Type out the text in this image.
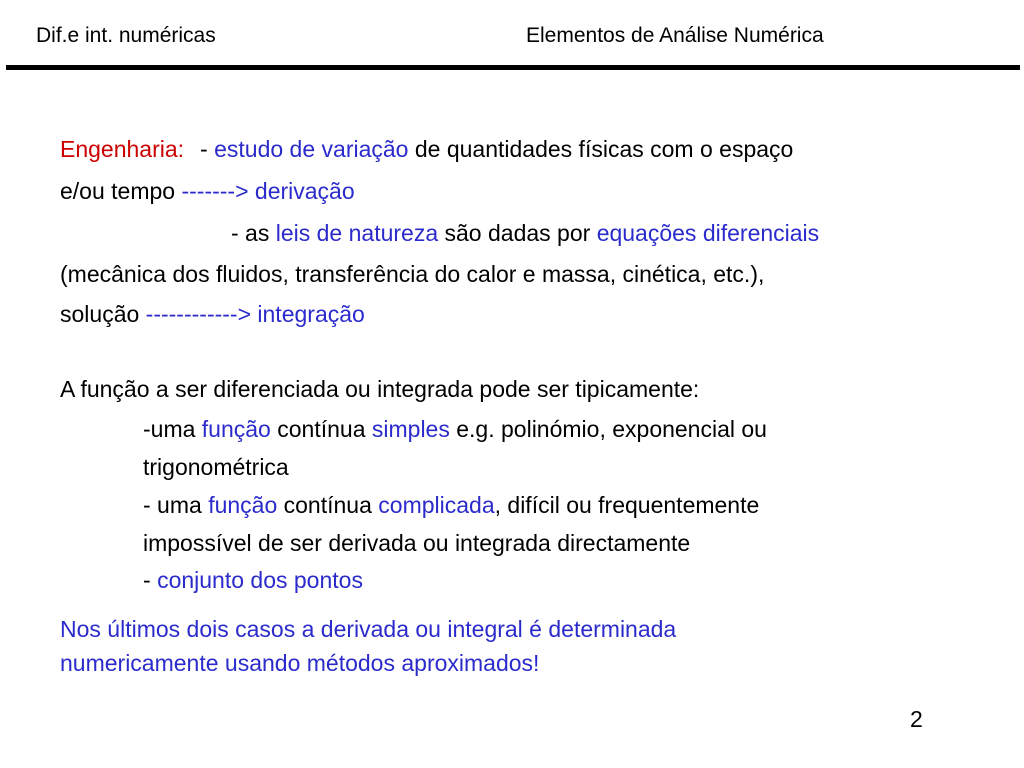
Dif.e int. numéricas	Elementos de Análise Numérica
Engenharia: - estudo de variação de quantidades físicas com o espaço
e/ou tempo -------> derivação
- as leis de natureza são dadas por equações diferenciais
(mecânica dos fluidos, transferência do calor e massa, cinética, etc.),
solução ------------> integração
A função a ser diferenciada ou integrada pode ser tipicamente:
-uma função contínua simples e.g. polinómio, exponencial ou
trigonométrica
- uma função contínua complicada, difícil ou frequentemente
impossível de ser derivada ou integrada directamente
- conjunto dos pontos
Nos últimos dois casos a derivada ou integral é determinada
numericamente usando métodos aproximados!
2
